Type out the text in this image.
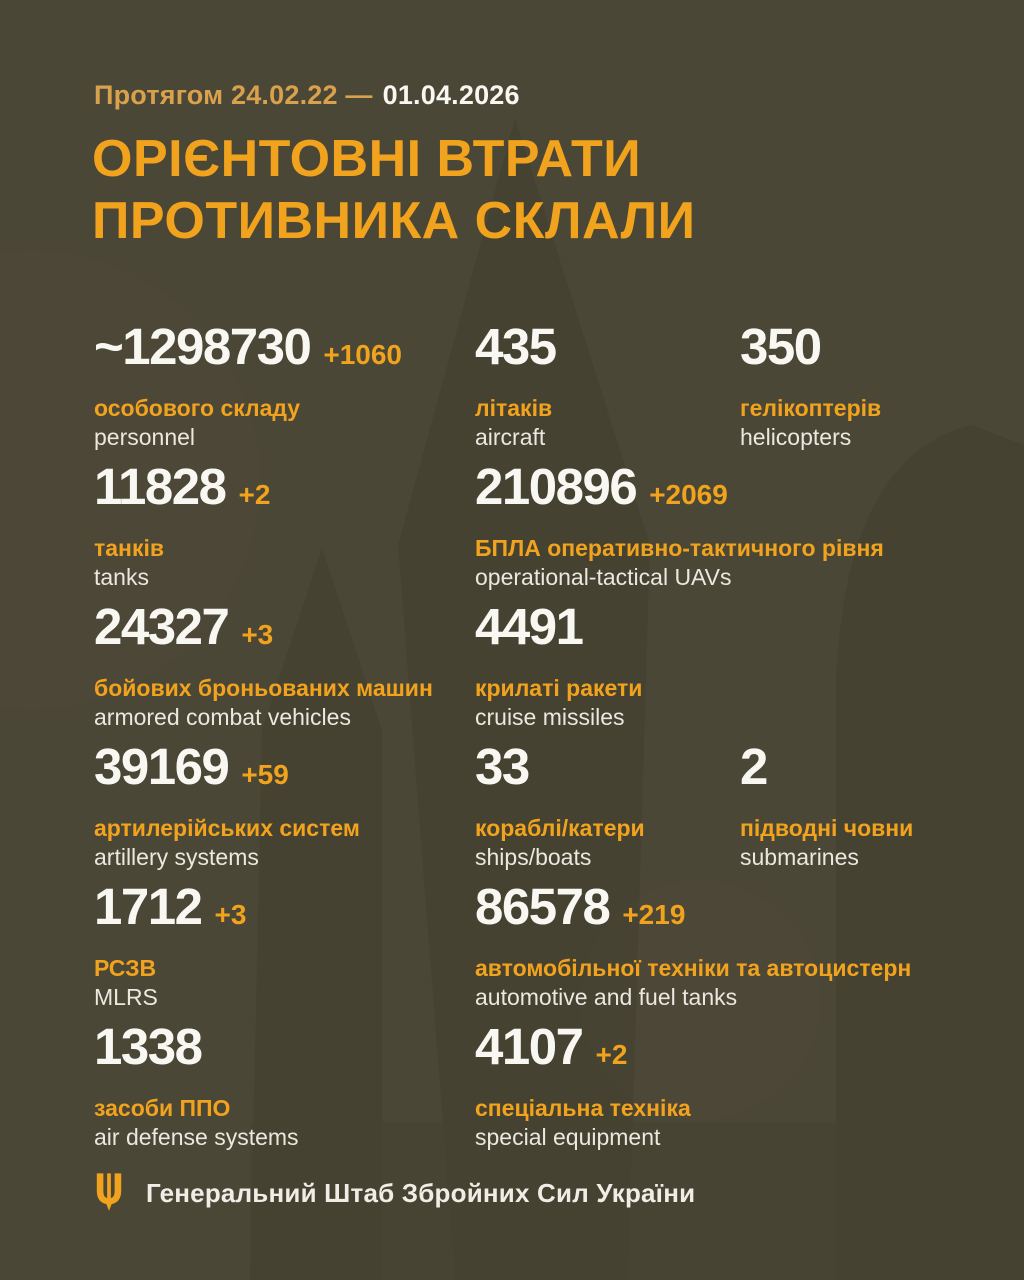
Протягом 24.02.22 — 01.04.2026
ОРІЄНТОВНІ ВТРАТИ
ПРОТИВНИКА СКЛАЛИ
~1298730 +1060
особового складу
personnel
435
літаків
aircraft
350
гелікоптерів
helicopters
11828 +2
танків
tanks
210896 +2069
БПЛА оперативно-тактичного рівня
operational-tactical UAVs
24327 +3
бойових броньованих машин
armored combat vehicles
4491
крилаті ракети
cruise missiles
39169 +59
артилерійських систем
artillery systems
33
кораблі/катери
ships/boats
2
підводні човни
submarines
1712 +3
РСЗВ
MLRS
86578 +219
автомобільної техніки та автоцистерн
automotive and fuel tanks
1338
засоби ППО
air defense systems
4107 +2
спеціальна техніка
special equipment
Генеральний Штаб Збройних Сил України
